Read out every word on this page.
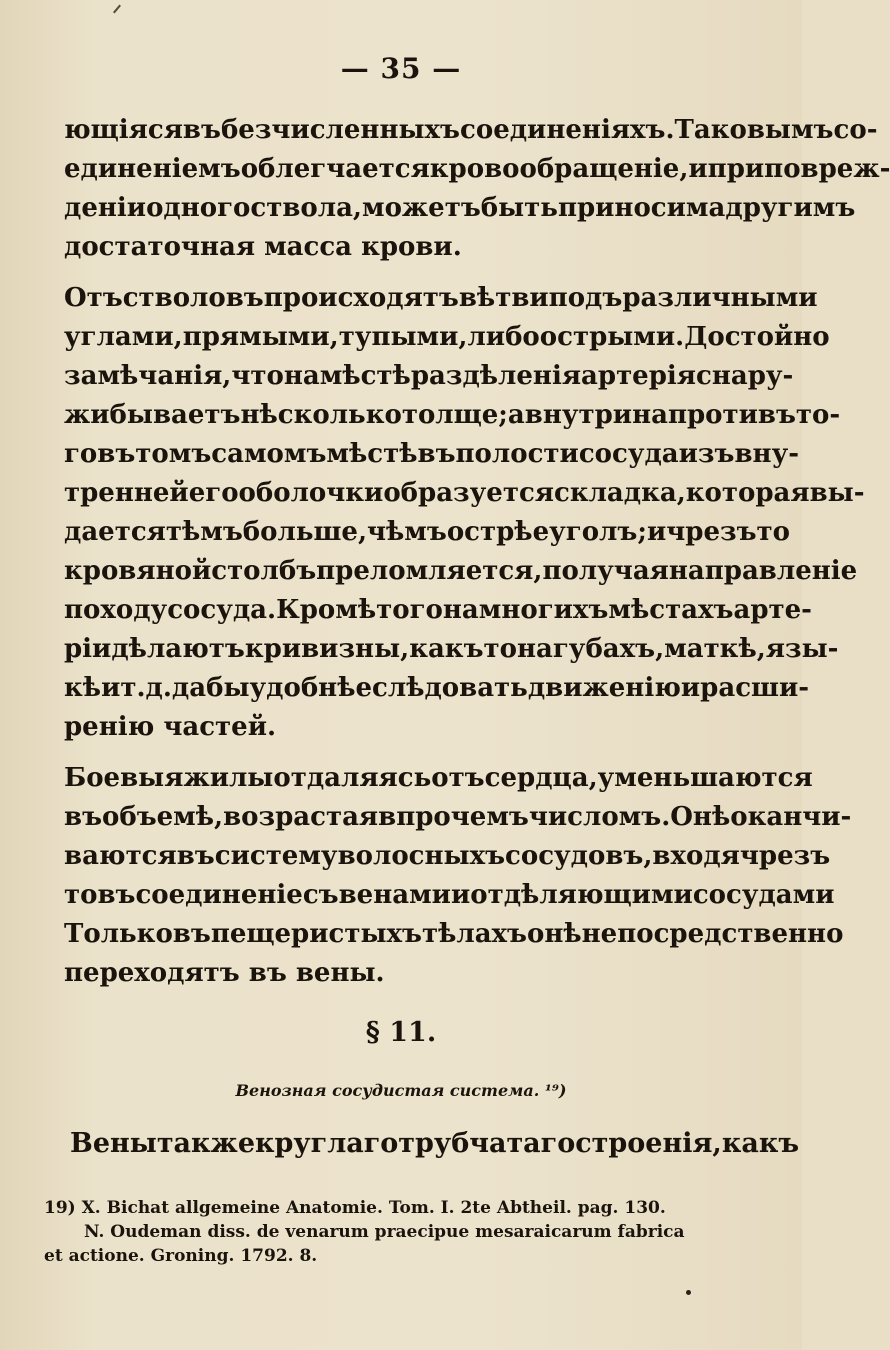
— 35 —
ющіяся въ безчисленныхъ соединеніяхъ. Таковымъ со-
единеніемъ облегчается кровообращеніе, и при повреж-
деніи одного ствола, можетъ быть приносима другимъ
достаточная масса крови.
Отъ стволовъ происходятъ вѣтви подъ различными
углами, прямыми, тупыми, либо острыми. Достойно
замѣчанія, что на мѣстѣ раздѣленія артерія снару-
жи бываетъ нѣсколько толще; а внутри напротивъ то-
го въ томъ самомъ мѣстѣ въ полости сосуда изъ вну-
тренней его оболочки образуется складка, которая вы-
дается тѣмъ больше, чѣмъ острѣе уголъ; и чрезъ то
кровяной столбъ преломляется, получая направленіе
по ходу сосуда. Кромѣ того на многихъ мѣстахъ арте-
ріи дѣлаютъ кривизны, какъ то на губахъ, маткѣ, язы-
кѣ и т. д. дабы удобнѣе слѣдовать движенію и расши-
ренію частей.
Боевыя жилы отдаляясь отъ сердца, уменьшаются
въ объемѣ, возрастая впрочемъ числомъ. Онѣ оканчи-
ваются въ систему волосныхъ сосудовъ, входя чрезъ
то въ соединеніе съ венами и отдѣляющими сосудами
Только въ пещеристыхъ тѣлахъ онѣ непосредственно
переходятъ въ вены.
§ 11.
Венозная сосудистая система. ¹⁹)
Вены также круглаго трубчатаго строенія, какъ
19) X. Bichat allgemeine Anatomie. Tom. I. 2te Abtheil. pag. 130.
N. Oudeman diss. de venarum praecipue mesaraicarum fabrica
et actione. Groning. 1792. 8.
